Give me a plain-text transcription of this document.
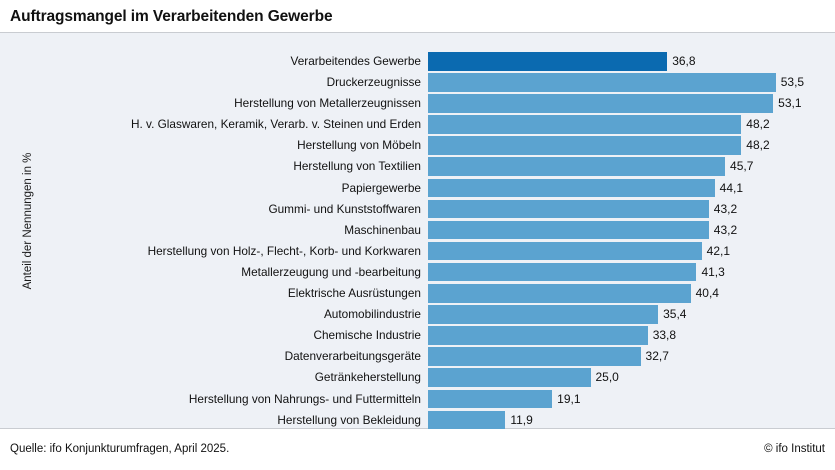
Auftragsmangel im Verarbeitenden Gewerbe
Anteil der Nennungen in %
Verarbeitendes Gewerbe	36,8
Druckerzeugnisse	53,5
Herstellung von Metallerzeugnissen	53,1
H. v. Glaswaren, Keramik, Verarb. v. Steinen und Erden	48,2
Herstellung von Möbeln	48,2
Herstellung von Textilien	45,7
Papiergewerbe	44,1
Gummi- und Kunststoffwaren	43,2
Maschinenbau	43,2
Herstellung von Holz-, Flecht-, Korb- und Korkwaren	42,1
Metallerzeugung und -bearbeitung	41,3
Elektrische Ausrüstungen	40,4
Automobilindustrie	35,4
Chemische Industrie	33,8
Datenverarbeitungsgeräte	32,7
Getränkeherstellung	25,0
Herstellung von Nahrungs- und Futtermitteln	19,1
Herstellung von Bekleidung	11,9
Quelle: ifo Konjunkturumfragen, April 2025.	© ifo Institut
